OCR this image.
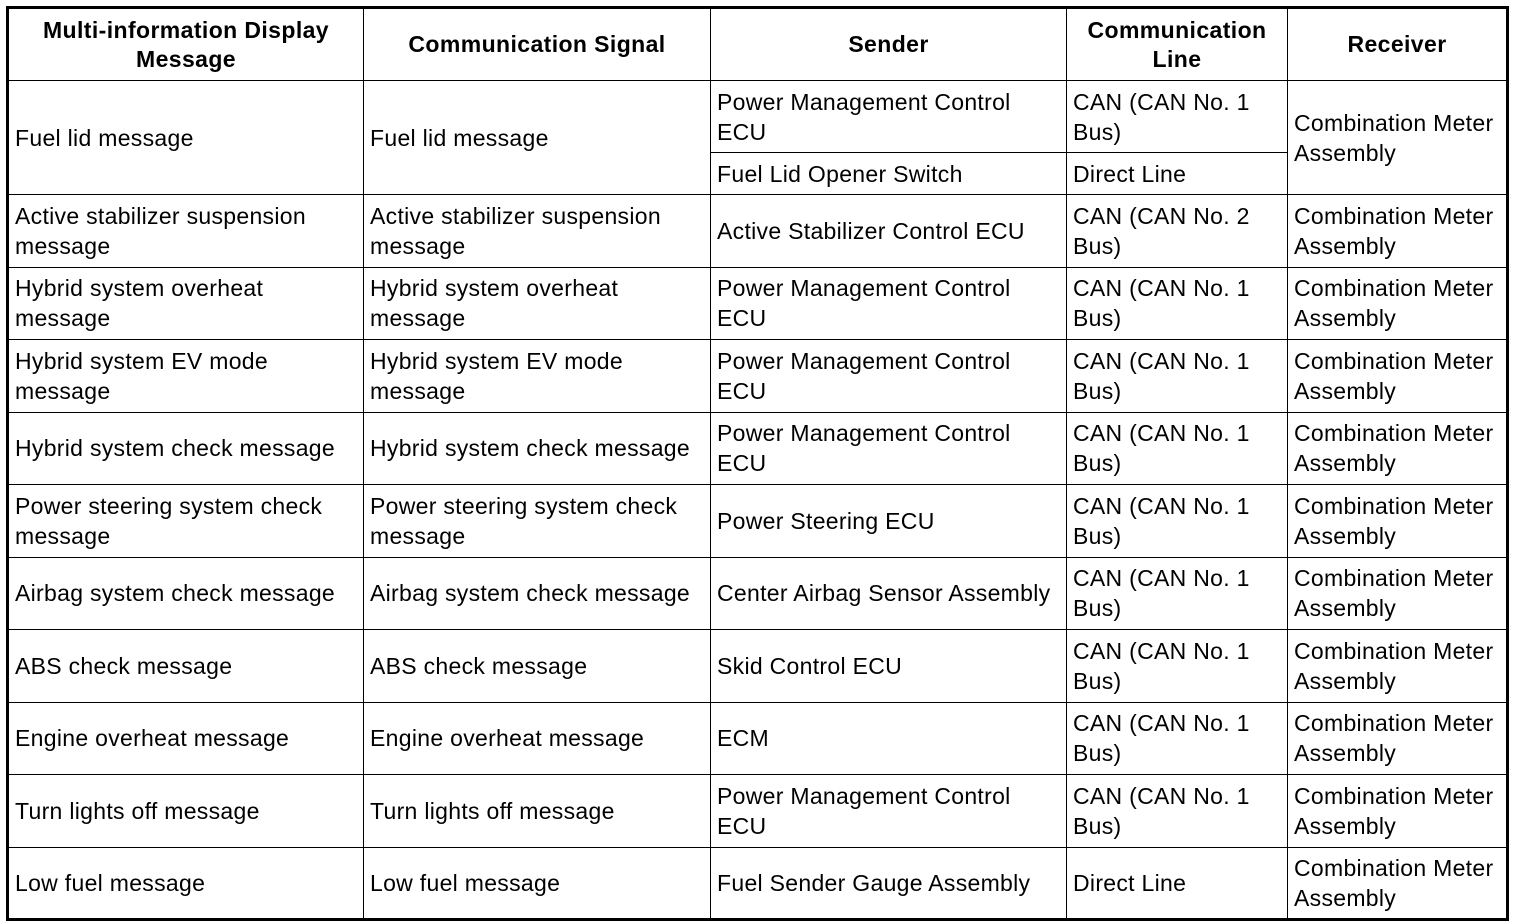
Multi-information Display Message	Communication Signal	Sender	Communication Line	Receiver
Fuel lid message	Fuel lid message	Power Management Control ECU	CAN (CAN No. 1 Bus)	Combination Meter Assembly
		Fuel Lid Opener Switch	Direct Line	
Active stabilizer suspension message	Active stabilizer suspension message	Active Stabilizer Control ECU	CAN (CAN No. 2 Bus)	Combination Meter Assembly
Hybrid system overheat message	Hybrid system overheat message	Power Management Control ECU	CAN (CAN No. 1 Bus)	Combination Meter Assembly
Hybrid system EV mode message	Hybrid system EV mode message	Power Management Control ECU	CAN (CAN No. 1 Bus)	Combination Meter Assembly
Hybrid system check message	Hybrid system check message	Power Management Control ECU	CAN (CAN No. 1 Bus)	Combination Meter Assembly
Power steering system check message	Power steering system check message	Power Steering ECU	CAN (CAN No. 1 Bus)	Combination Meter Assembly
Airbag system check message	Airbag system check message	Center Airbag Sensor Assembly	CAN (CAN No. 1 Bus)	Combination Meter Assembly
ABS check message	ABS check message	Skid Control ECU	CAN (CAN No. 1 Bus)	Combination Meter Assembly
Engine overheat message	Engine overheat message	ECM	CAN (CAN No. 1 Bus)	Combination Meter Assembly
Turn lights off message	Turn lights off message	Power Management Control ECU	CAN (CAN No. 1 Bus)	Combination Meter Assembly
Low fuel message	Low fuel message	Fuel Sender Gauge Assembly	Direct Line	Combination Meter Assembly
